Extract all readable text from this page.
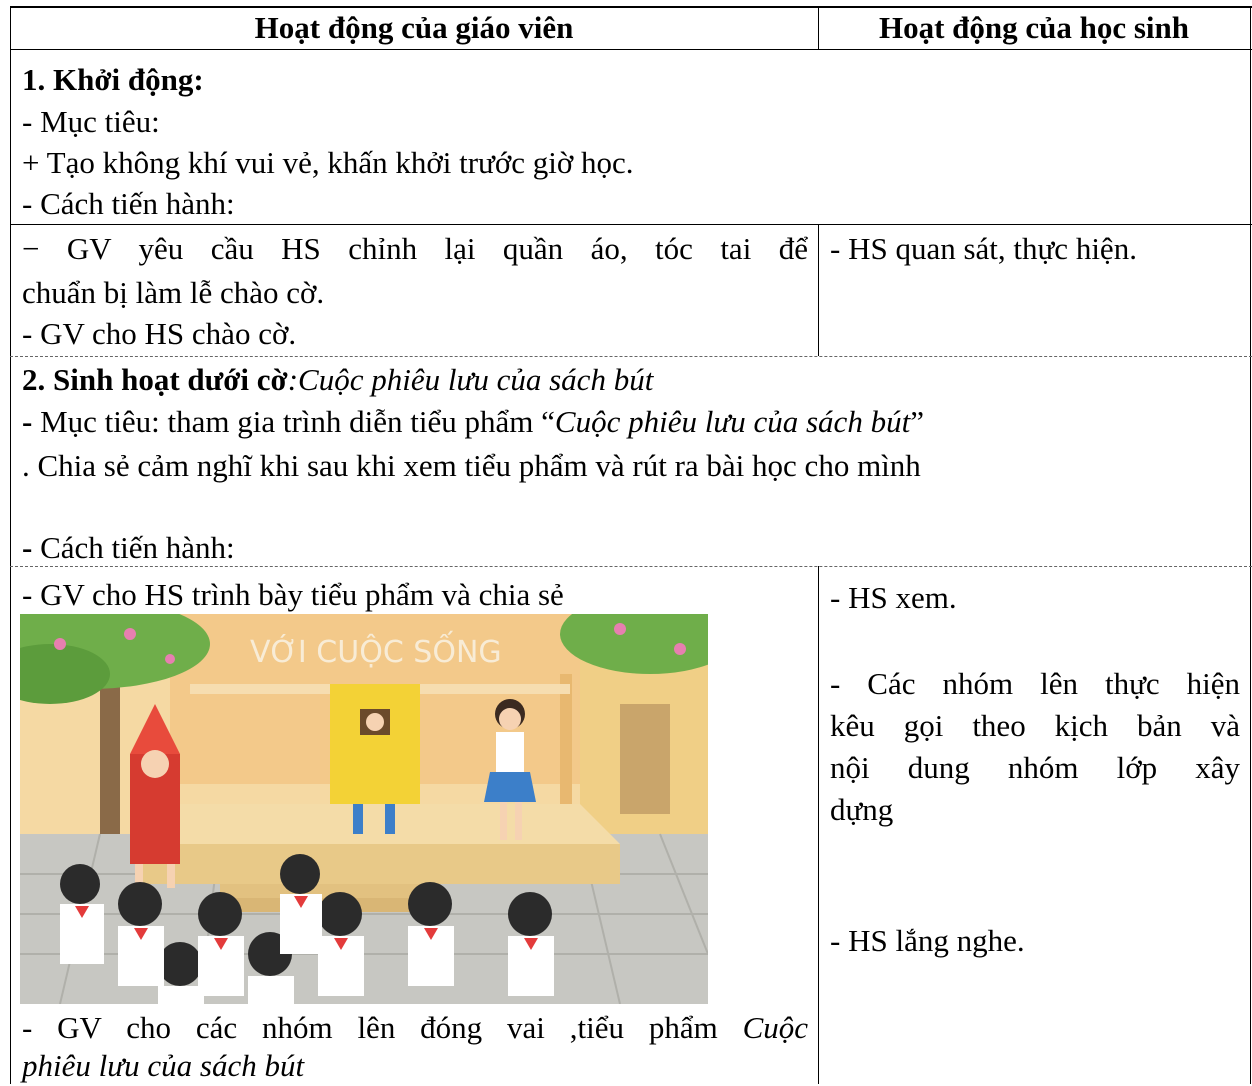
Hoạt động của giáo viên	Hoạt động của học sinh
1. Khởi động:
- Mục tiêu:
+ Tạo không khí vui vẻ, khấn khởi trước giờ học.
- Cách tiến hành:
− GV yêu cầu HS chỉnh lại quần áo, tóc tai để
chuẩn bị làm lễ chào cờ.
- GV cho HS chào cờ.
- HS quan sát, thực hiện.
2. Sinh hoạt dưới cờ:Cuộc phiêu lưu của sách bút
- Mục tiêu: tham gia trình diễn tiểu phẩm “Cuộc phiêu lưu của sách bút”
. Chia sẻ cảm nghĩ khi sau khi xem tiểu phẩm và rút ra bài học cho mình
- Cách tiến hành:
- GV cho HS trình bày tiểu phẩm và chia sẻ
VỚI CUỘC SỐNG
- GV cho các nhóm lên đóng vai ,tiểu phẩm Cuộc
phiêu lưu của sách bút
- HS xem.
- Các nhóm lên thực hiện
kêu gọi theo kịch bản và
nội dung nhóm lớp xây
dựng
- HS lắng nghe.
